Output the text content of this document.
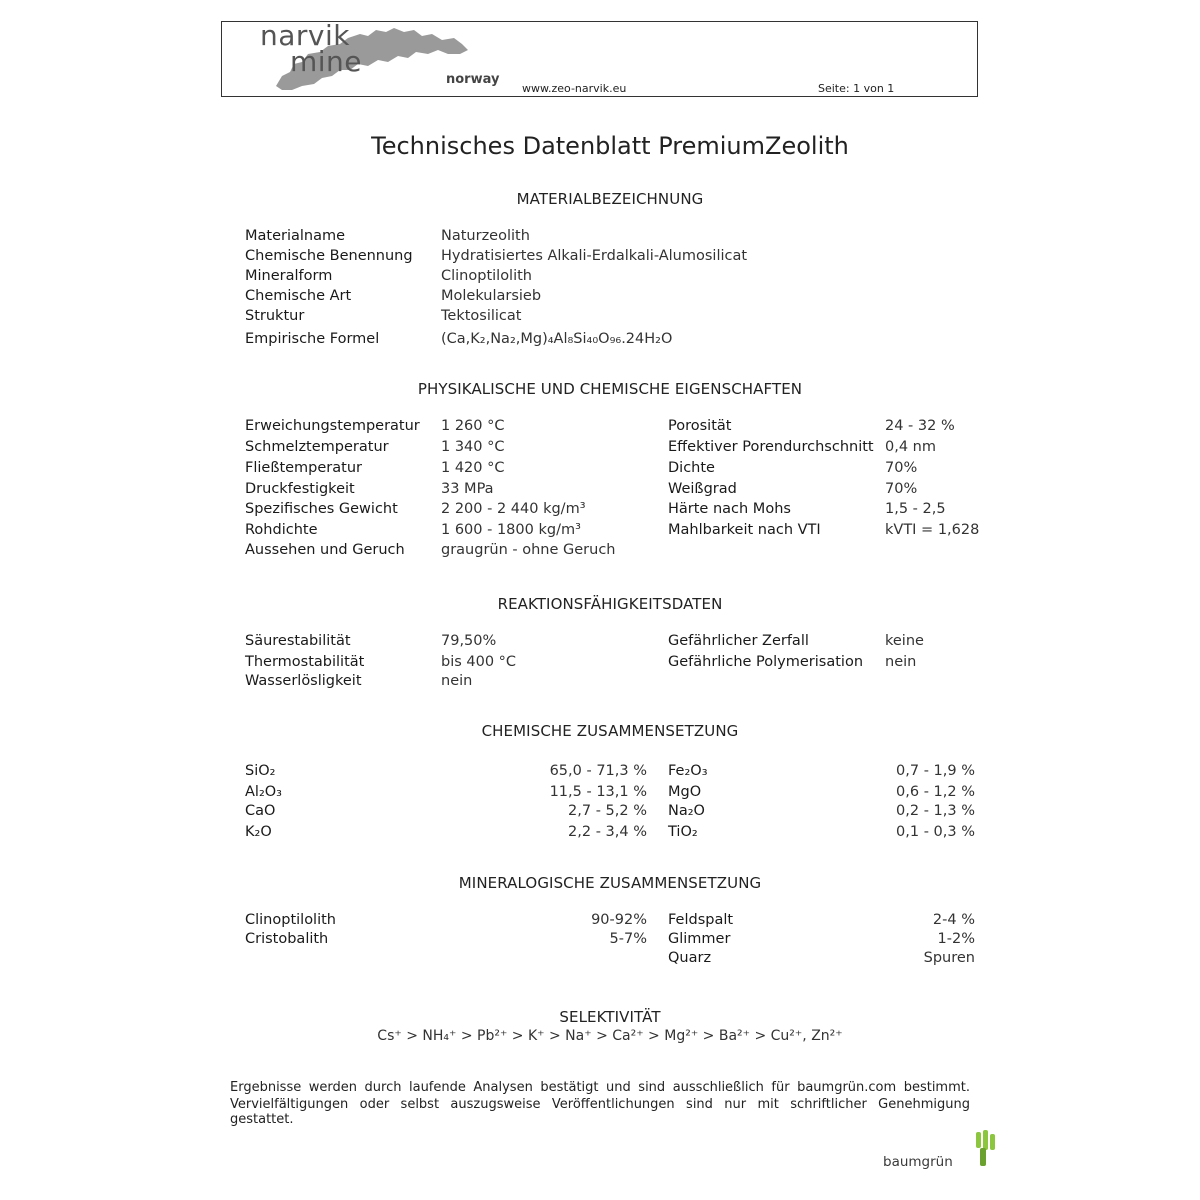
narvik
mine
norway
www.zeo-narvik.eu	Seite: 1 von 1
Technisches Datenblatt PremiumZeolith
MATERIALBEZEICHNUNG
Materialname	Naturzeolith
Chemische Benennung Hydratisiertes Alkali-Erdalkali-Alumosilicat
Mineralform	Clinoptilolith
Chemische Art	Molekularsieb
Struktur	Tektosilicat
Empirische Formel	(Ca,K₂,Na₂,Mg)₄Al₈Si₄₀O₉₆.24H₂O
PHYSIKALISCHE UND CHEMISCHE EIGENSCHAFTEN
Erweichungstemperatur 1 260 °C
Schmelztemperatur	1 340 °C
Fließtemperatur	1 420 °C
Druckfestigkeit	33 MPa
Spezifisches Gewicht	2 200 - 2 440 kg/m³
Rohdichte	1 600 - 1800 kg/m³
Aussehen und Geruch	graugrün - ohne Geruch
Porosität	24 - 32 %
Effektiver Porendurchschnitt 0,4 nm
Dichte	70%
Weißgrad	70%
Härte nach Mohs	1,5 - 2,5
Mahlbarkeit nach VTI	kVTI = 1,628
REAKTIONSFÄHIGKEITSDATEN
Säurestabilität	79,50%
Thermostabilität	bis 400 °C
Wasserlösligkeit	nein
Gefährlicher Zerfall	keine
Gefährliche Polymerisation nein
CHEMISCHE ZUSAMMENSETZUNG
SiO₂	65,0 - 71,3 %
Al₂O₃	11,5 - 13,1 %
CaO	2,7 - 5,2 %
K₂O	2,2 - 3,4 %
Fe₂O₃	0,7 - 1,9 %
MgO	0,6 - 1,2 %
Na₂O	0,2 - 1,3 %
TiO₂	0,1 - 0,3 %
MINERALOGISCHE ZUSAMMENSETZUNG
Clinoptilolith	90-92%
Cristobalith	5-7%
Feldspalt	2-4 %
Glimmer	1-2%
Quarz	Spuren
SELEKTIVITÄT
Cs⁺ > NH₄⁺ > Pb²⁺ > K⁺ > Na⁺ > Ca²⁺ > Mg²⁺ > Ba²⁺ > Cu²⁺, Zn²⁺
Ergebnisse werden durch laufende Analysen bestätigt und sind ausschließlich für baumgrün.com bestimmt.
Vervielfältigungen oder selbst auszugsweise Veröffentlichungen sind nur mit schriftlicher Genehmigung gestattet.
baumgrün
